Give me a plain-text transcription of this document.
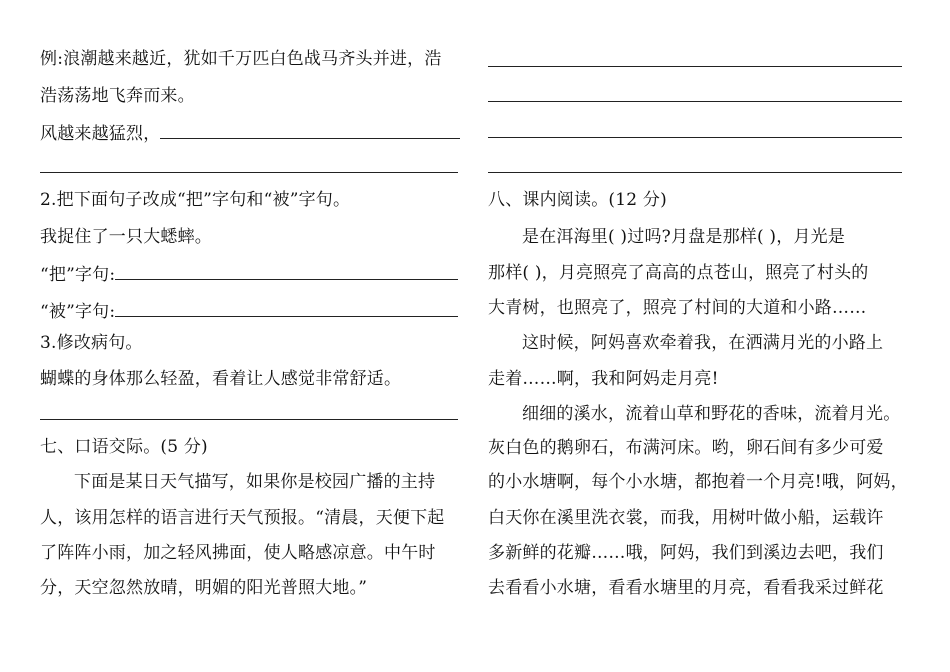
例:浪潮越来越近，犹如千万匹白色战马齐头并进，浩
浩荡荡地飞奔而来。
风越来越猛烈，
2.把下面句子改成“把”字句和“被”字句。
我捉住了一只大蟋蟀。
“把”字句:
“被”字句:
3.修改病句。
蝴蝶的身体那么轻盈，看着让人感觉非常舒适。
七、口语交际。(5 分)
下面是某日天气描写，如果你是校园广播的主持
人，该用怎样的语言进行天气预报。“清晨，天便下起
了阵阵小雨，加之轻风拂面，使人略感凉意。中午时
分，天空忽然放晴，明媚的阳光普照大地。”
八、课内阅读。(12 分)
是在洱海里( )过吗?月盘是那样( )，月光是
那样( )，月亮照亮了高高的点苍山，照亮了村头的
大青树，也照亮了，照亮了村间的大道和小路……
这时候，阿妈喜欢牵着我，在洒满月光的小路上
走着……啊，我和阿妈走月亮!
细细的溪水，流着山草和野花的香味，流着月光。
灰白色的鹅卵石，布满河床。哟，卵石间有多少可爱
的小水塘啊，每个小水塘，都抱着一个月亮!哦，阿妈，
白天你在溪里洗衣裳，而我，用树叶做小船，运载许
多新鲜的花瓣……哦，阿妈，我们到溪边去吧，我们
去看看小水塘，看看水塘里的月亮，看看我采过鲜花
